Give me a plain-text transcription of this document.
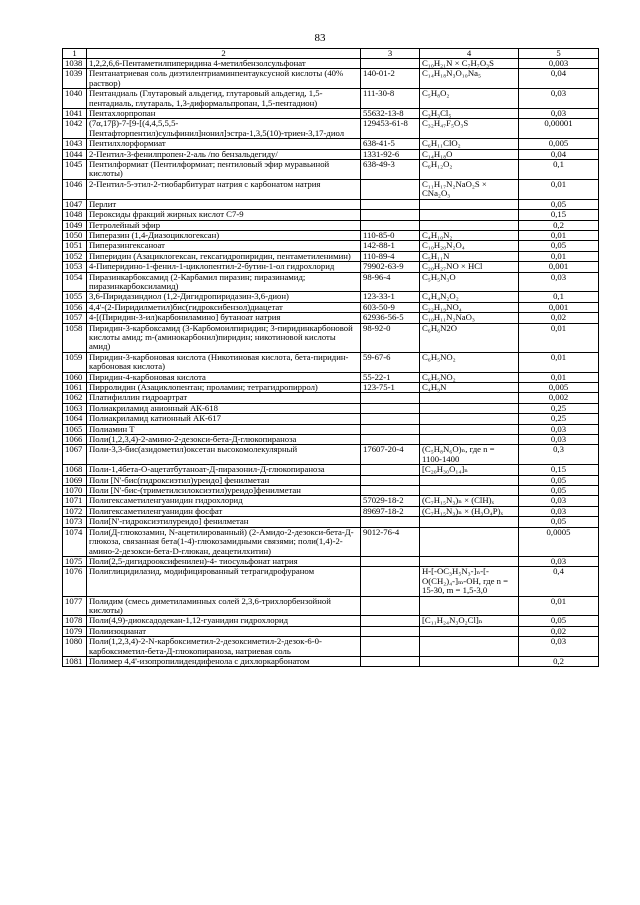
83
1	2	3	4	5
1038	1,2,2,6,6-Пентаметилпиперидина 4-метилбензолсульфонат		C₁₀H₂₁N × C₇H₇O₃S	0,003
1039	Пентанатриевая соль диэтилентриаминпентауксусной кислоты (40% раствор)	140-01-2	C₁₄H₁₈N₃O₁₀Na₅	0,04
1040	Пентандиаль (Глутаровый альдегид, глутаровый альдегид, 1,5-пентадиаль, глутараль, 1,3-диформальпропан, 1,5-пентадион)	111-30-8	C₅H₈O₂	0,03
1041	Пентахлорпропан	55632-13-8	C₃H₃Cl₅	0,03
1042	(7α,17β)-7-[9-[(4,4,5,5,5-Пентафторпентил)сульфинил]нонил]эстра-1,3,5(10)-триен-3,17-диол	129453-61-8	C₃₂H₄₇F₅O₃S	0,00001
1043	Пентилхлорформиат	638-41-5	C₆H₁₁ClO₂	0,005
1044	2-Пентил-3-фенилпропен-2-аль /по бензальдегиду/	1331-92-6	C₁₄H₁₈O	0,04
1045	Пентилформиат (Пентилформиат; пентиловый эфир муравьиной кислоты)	638-49-3	C₆H₁₂O₂	0,1
1046	2-Пентил-5-этил-2-тиобарбитурат натрия с карбонатом натрия		C₁₁H₁₇N₂NaO₂S × CNa₂O₃	0,01
1047	Перлит			0,05
1048	Пероксиды фракций жирных кислот C7-9			0,15
1049	Петролейный эфир			0,2
1050	Пиперазин (1,4-Диазоциклогексан)	110-85-0	C₄H₁₀N₂	0,01
1051	Пиперазингексаноат	142-88-1	C₁₀H₂₀N₂O₄	0,05
1052	Пиперидин (Азациклогексан, гексагидропиридин, пентаметиленимин)	110-89-4	C₅H₁₁N	0,01
1053	4-Пиперидино-1-фенил-1-циклопентил-2-бутин-1-ол гидрохлорид	79902-63-9	C₂₀H₂₇NO × HCl	0,001
1054	Пиразинкарбоксамид (2-Карбамил пиразин; пиразинамид; пиразинкарбоксиламид)	98-96-4	C₅H₅N₃O	0,03
1055	3,6-Пиридазиндиол (1,2-Дигидропиридазин-3,6-дион)	123-33-1	C₄H₄N₂O₂	0,1
1056	4,4'-(2-Пиридилметил)бис(гидроксибензол)диацетат	603-50-9	C₂₂H₁₉NO₄	0,001
1057	4-[(Пиридин-3-ил)карбониламино] бутаноат натрия	62936-56-5	C₁₀H₁₁N₂NaO₃	0,02
1058	Пиридин-3-карбоксамид (3-Карбомоилпиридин; 3-пиридинкарбоновой кислоты амид; m-(аминокарбонил)пиридин; никотиновой кислоты амид)	98-92-0	C₆H₆N2O	0,01
1059	Пиридин-3-карбоновая кислота (Никотиновая кислота, бета-пиридин-карбоновая кислота)	59-67-6	C₆H₅NO₂	0,01
1060	Пиридин-4-карбоновая кислота	55-22-1	C₆H₅NO₂	0,01
1061	Пирролидин (Азациклопентан; проламин; тетрагидропиррол)	123-75-1	C₄H₉N	0,005
1062	Платифиллин гидроартрат			0,002
1063	Полиакриламид анионный АК-618			0,25
1064	Полиакриламид катионный АК-617			0,25
1065	Полиамин Т			0,03
1066	Поли(1,2,3,4)-2-амино-2-дезокси-бета-Д-глюкопираноза			0,03
1067	Поли-3,3-бис(азидометил)оксетан высокомолекулярный	17607-20-4	(C₅H₈N₆O)ₙ, где n = 1100-1400	0,3
1068	Поли-1,4бета-О-ацетатбутаноат-Д-пиразонил-Д-глюкопираноза		[C₂₀H₃₀O₁₄]ₙ	0,15
1069	Поли [N'-бис(гидроксиэтил)уреидо] фенилметан			0,05
1070	Поли [N'-бис-(триметилсилоксиэтил)уреидо]фенилметан			0,05
1071	Полигексаметиленгуанидин гидрохлорид	57029-18-2	(C₇H₁₅N₃)ₙ × (ClH)ₓ	0,03
1072	Полигексаметиленгуанидин фосфат	89697-18-2	(C₇H₁₅N₃)ₙ × (H₃O₄P)ₓ	0,03
1073	Поли[N'-гидроксиэтилуреидо] фенилметан			0,05
1074	Поли(Д-глюкозамин, N-ацетилированный) (2-Амидо-2-дезокси-бета-Д-глюкоза, связанная бета(1-4)-глюкозамидными связями; поли(1,4)-2-амино-2-дезокси-бета-D-глюкан, деацетилхитин)	9012-76-4		0,0005
1075	Поли(2,5-дигидрооксифенилен)-4- тиосульфонат натрия			0,03
1076	Полиглицидилазид, модифицированный тетрагидрофураном		H-[-OC₃H₅N₃-]ₙ-[-O(CH₂)₄-]ₘ-OH, где n = 15-30, m = 1,5-3,0	0,4
1077	Полидим (смесь диметиламинных солей 2,3,6-трихлорбензойной кислоты)			0,01
1078	Поли(4,9)-диоксадодекан-1,12-гуанидин гидрохлорид		[C₁₁H₂₄N₃O₂Cl]ₙ	0,05
1079	Полиизоцианат			0,02
1080	Поли(1,2,3,4)-2-N-карбоксиметил-2-дезоксиметил-2-дезок-6-0-карбоксиметил-бета-Д-глюкопираноза, натриевая соль			0,03
1081	Полимер 4,4'-изопропилидендифенола с дихлоркарбонатом			0,2
